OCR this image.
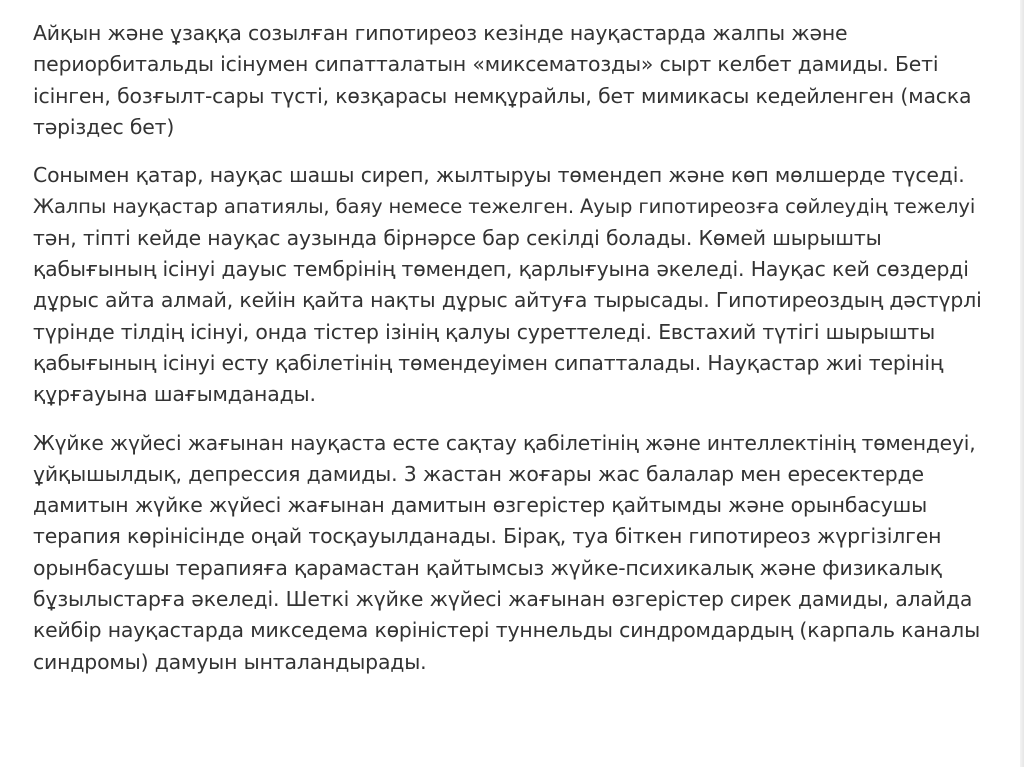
Айқын және ұзаққа созылған гипотиреоз кезінде науқастарда жалпы және

периорбитальды ісінумен сипатталатын «миксематозды» сырт келбет дамиды. Беті

ісінген, бозғылт-сары түсті, көзқарасы немқұрайлы, бет мимикасы кедейленген (маска

тәріздес бет)

Сонымен қатар, науқас шашы сиреп, жылтыруы төмендеп және көп мөлшерде түседі.

Жалпы науқастар апатиялы, баяу немесе тежелген. Ауыр гипотиреозға сөйлеудің тежелуі

тән, тіпті кейде науқас аузында бірнәрсе бар секілді болады. Көмей шырышты

қабығының ісінуі дауыс тембрінің төмендеп, қарлығуына әкеледі. Науқас кей сөздерді

дұрыс айта алмай, кейін қайта нақты дұрыс айтуға тырысады. Гипотиреоздың дәстүрлі

түрінде тілдің ісінуі, онда тістер ізінің қалуы суреттеледі. Евстахий түтігі шырышты

қабығының ісінуі есту қабілетінің төмендеуімен сипатталады. Науқастар жиі терінің

құрғауына шағымданады.

Жүйке жүйесі жағынан науқаста есте сақтау қабілетінің және интеллектінің төмендеуі,

ұйқышылдық, депрессия дамиды. 3 жастан жоғары жас балалар мен ересектерде

дамитын жүйке жүйесі жағынан дамитын өзгерістер қайтымды және орынбасушы

терапия көрінісінде оңай тосқауылданады. Бірақ, туа біткен гипотиреоз жүргізілген

орынбасушы терапияға қарамастан қайтымсыз жүйке-психикалық және физикалық

бұзылыстарға әкеледі. Шеткі жүйке жүйесі жағынан өзгерістер сирек дамиды, алайда

кейбір науқастарда микседема көріністері туннельды синдромдардың (карпаль каналы

синдромы) дамуын ынталандырады.
